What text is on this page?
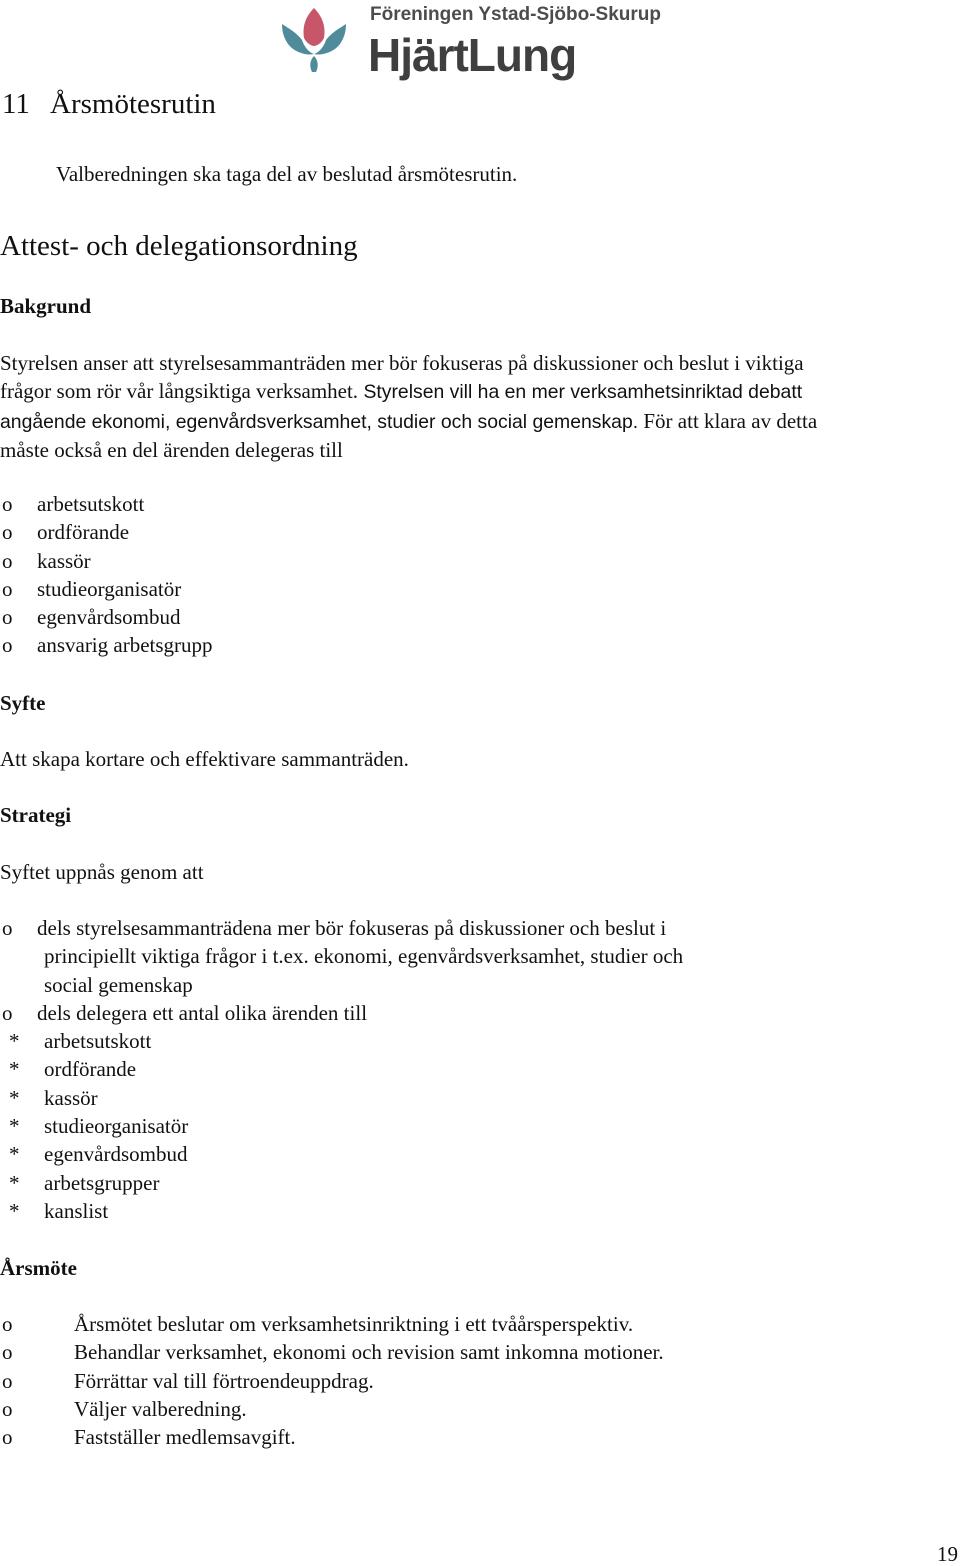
Föreningen Ystad-Sjöbo-Skurup
HjärtLung
11 Årsmötesrutin
Valberedningen ska taga del av beslutad årsmötesrutin.
Attest- och delegationsordning
Bakgrund
Styrelsen anser att styrelsesammanträden mer bör fokuseras på diskussioner och beslut i viktiga frågor som rör vår långsiktiga verksamhet. Styrelsen vill ha en mer verksamhetsinriktad debatt angående ekonomi, egenvårdsverksamhet, studier och social gemenskap. För att klara av detta måste också en del ärenden delegeras till
o arbetsutskott
o ordförande
o kassör
o studieorganisatör
o egenvårdsombud
o ansvarig arbetsgrupp
Syfte
Att skapa kortare och effektivare sammanträden.
Strategi
Syftet uppnås genom att
o dels styrelsesammanträdena mer bör fokuseras på diskussioner och beslut i
principiellt viktiga frågor i t.ex. ekonomi, egenvårdsverksamhet, studier och
social gemenskap
o dels delegera ett antal olika ärenden till
* arbetsutskott
* ordförande
* kassör
* studieorganisatör
* egenvårdsombud
* arbetsgrupper
* kanslist
Årsmöte
o	Årsmötet beslutar om verksamhetsinriktning i ett tvåårsperspektiv.
o	Behandlar verksamhet, ekonomi och revision samt inkomna motioner.
o	Förrättar val till förtroendeuppdrag.
o	Väljer valberedning.
o	Fastställer medlemsavgift.
19
